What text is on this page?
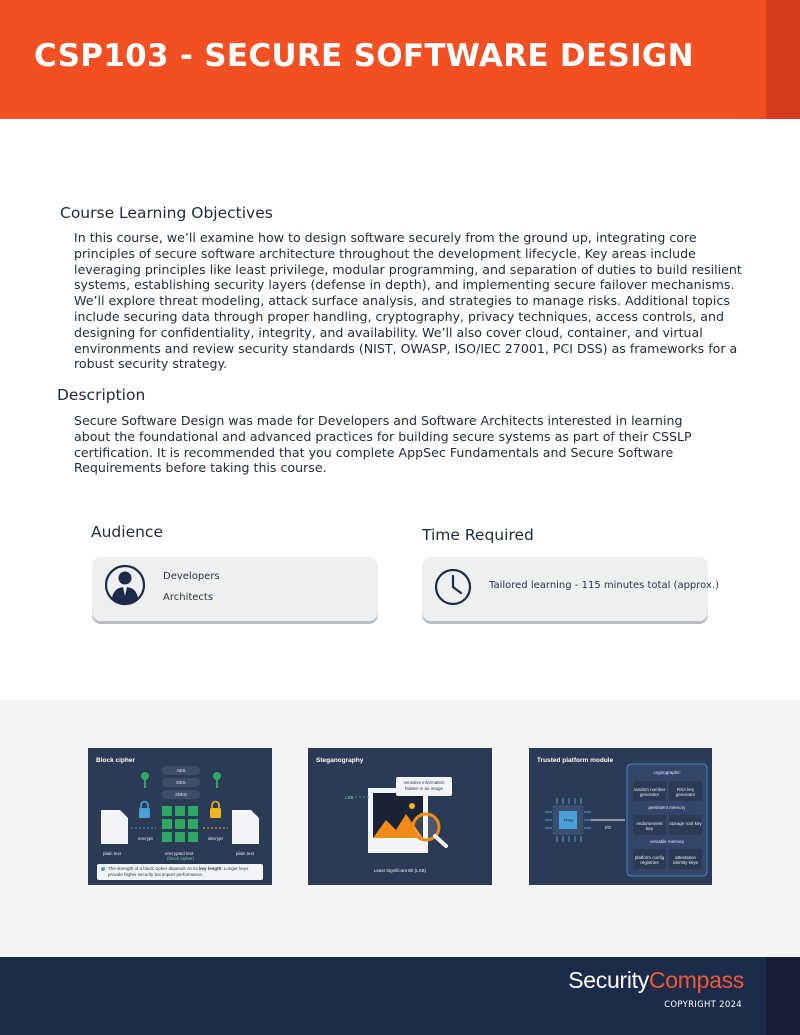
CSP103 - SECURE SOFTWARE DESIGN
Course Learning Objectives
In this course, we’ll examine how to design software securely from the ground up, integrating core
principles of secure software architecture throughout the development lifecycle. Key areas include
leveraging principles like least privilege, modular programming, and separation of duties to build resilient
systems, establishing security layers (defense in depth), and implementing secure failover mechanisms.
We’ll explore threat modeling, attack surface analysis, and strategies to manage risks. Additional topics
include securing data through proper handling, cryptography, privacy techniques, access controls, and
designing for confidentiality, integrity, and availability. We’ll also cover cloud, container, and virtual
environments and review security standards (NIST, OWASP, ISO/IEC 27001, PCI DSS) as frameworks for a
robust security strategy.
Description
Secure Software Design was made for Developers and Software Architects interested in learning
about the foundational and advanced practices for building secure systems as part of their CSSLP
certification. It is recommended that you complete AppSec Fundamentals and Secure Software
Requirements before taking this course.
Audience
Developers
Architects
Time Required
Tailored learning - 115 minutes total (approx.)
Block cipher
AES
DES
3DES
encrypt	decrypt
plain text	encrypted text
(block cipher)
plain text
The strength of a block cipher depends on its key length. Longer keys
provide higher security but impact performance.
Steganography
LSB
sensitive information
hidden in an image
Least Significant Bit (LSB)
Trusted platform module
TPM
I/O
cryptographic
random number generator
RSA key generator
persistent memory
endorsement key
storage root key
versatile memory
platform config registries
attestation identity keys
SecurityCompass
COPYRIGHT 2024
